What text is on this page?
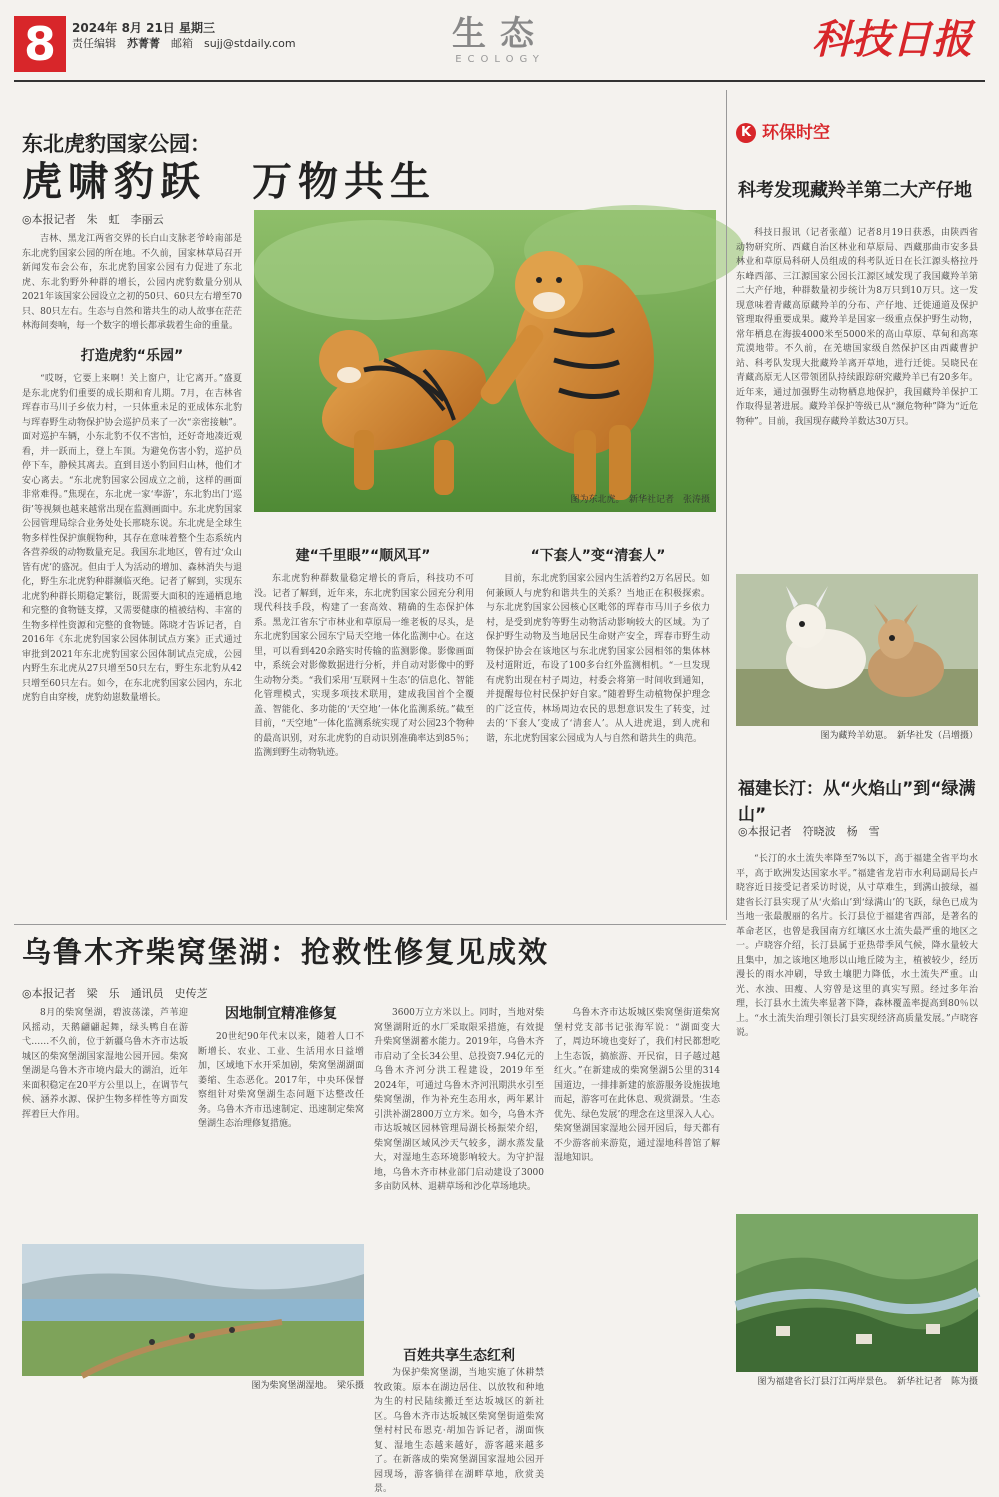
8	2024年 8月 21日 星期三
责任编辑　 苏菁菁　 邮箱　 sujj@stdaily.com	生态
ECOLOGY	科技日报
东北虎豹国家公园：
虎啸豹跃　万物共生
◎本报记者　朱　虹　李丽云
吉林、黑龙江两省交界的长白山支脉老爷岭南部是东北虎豹国家公园的所在地。不久前，国家林草局召开新闻发布会公布，东北虎豹国家公园有力促进了东北虎、东北豹野外种群的增长，公园内虎豹数量分别从2021年该国家公园设立之初的50只、60只左右增至70只、80只左右。生态与自然和谐共生的动人故事在茫茫林海间奏响，每一个数字的增长都承载着生命的重量。
打造虎豹“乐园”
“哎呀，它要上来啊！关上窗户，让它离开。”盛夏是东北虎豹们重要的成长期和育儿期。7月，在吉林省珲春市马川子乡依力村，一只体重未足的亚成体东北豹与珲春野生动物保护协会巡护员来了一次“亲密接触”。面对巡护车辆，小东北豹不仅不害怕，还好奇地凑近观看，并一跃而上，登上车顶。为避免伤害小豹，巡护员停下车，静候其离去。直到目送小豹回归山林，他们才安心离去。“东北虎豹国家公园成立之前，这样的画面非常难得。”焦现在，东北虎一家‘奉游’，东北豹出门‘巡街’等视频也越来越常出现在监测画面中。东北虎豹国家公园管理局综合业务处处长邢晓东说。东北虎是全球生物多样性保护旗舰物种，其存在意味着整个生态系统内各营养级的动物数量充足。我国东北地区，曾有过‘众山皆有虎’的盛况。但由于人为活动的增加、森林消失与退化，野生东北虎豹种群濒临灭绝。记者了解到，实现东北虎豹种群长期稳定繁衍，既需要大面积的连通栖息地和完整的食物链支撑，又需要健康的植被结构、丰富的生物多样性资源和完整的食物链。陈晓才告诉记者，自2016年《东北虎豹国家公园体制试点方案》正式通过审批到2021年东北虎豹国家公园体制试点完成，公园内野生东北虎从27只增至50只左右，野生东北豹从42只增至60只左右。如今，在东北虎豹国家公园内，东北虎豹自由穿梭，虎豹幼崽数量增长。
图为东北虎。　新华社记者　张涛摄
建“千里眼”“顺风耳”
东北虎豹种群数量稳定增长的背后，科技功不可没。记者了解到，近年来，东北虎豹国家公园充分利用现代科技手段，构建了一套高效、精确的生态保护体系。黑龙江省东宁市林业和草原局一维老板的尽头，是东北虎豹国家公园东宁局天空地一体化监测中心。在这里，可以看到420余路实时传输的监测影像。影像画面中，系统会对影像数据进行分析，并自动对影像中的野生动物分类。“我们采用‘互联网＋生态’的信息化、智能化管理模式，实现多项技术联用，建成我国首个全覆盖、智能化、多功能的‘天空地’一体化监测系统。”截至目前，“天空地”一体化监测系统实现了对公园23个物种的最高识别，对东北虎豹的自动识别准确率达到85％；监测到野生动物轨迹。
“下套人”变“清套人”
目前，东北虎豹国家公园内生活着约2万名居民。如何兼顾人与虎豹和谐共生的关系？当地正在积极探索。与东北虎豹国家公园核心区毗邻的珲春市马川子乡依力村，是受到虎豹等野生动物活动影响较大的区域。为了保护野生动物及当地居民生命财产安全，珲春市野生动物保护协会在该地区与东北虎豹国家公园相邻的集体林及村道附近，布设了100多台红外监测相机。“一旦发现有虎豹出现在村子周边，村委会将第一时间收到通知，并提醒每位村民保护好自家。”随着野生动植物保护理念的广泛宣传，林场周边农民的思想意识发生了转变，过去的‘下套人’变成了‘清套人’。从人进虎退，到人虎和谐，东北虎豹国家公园成为人与自然和谐共生的典范。
K 环保时空
科考发现藏羚羊第二大产仔地
科技日报讯（记者张蕴）记者8月19日获悉，由陕西省动物研究所、西藏自治区林业和草原局、西藏那曲市安多县林业和草原局科研人员组成的科考队近日在长江源头格拉丹东峰西部、三江源国家公园长江源区域发现了我国藏羚羊第二大产仔地，种群数量初步统计为8万只到10万只。这一发现意味着青藏高原藏羚羊的分布、产仔地、迁徙通道及保护管理取得重要成果。藏羚羊是国家一级重点保护野生动物，常年栖息在海拔4000米至5000米的高山草原、草甸和高寒荒漠地带。不久前，在羌塘国家级自然保护区由西藏曹护站、科考队发现大批藏羚羊离开草地，进行迁徙。吴晓民在青藏高原无人区带领团队持续跟踪研究藏羚羊已有20多年。近年来，通过加强野生动物栖息地保护，我国藏羚羊保护工作取得显著进展。藏羚羊保护等级已从“濒危物种”降为“近危物种”。目前，我国现存藏羚羊数达30万只。
图为藏羚羊幼崽。　新华社发（吕增摄）
福建长汀：从“火焰山”到“绿满山”
◎本报记者　符晓波　杨　雪
“长汀的水土流失率降至7%以下，高于福建全省平均水平，高于欧洲发达国家水平。”福建省龙岩市水利局副局长卢晓容近日接受记者采访时说，从寸草难生，到满山披绿，福建省长汀县实现了从‘火焰山’到‘绿满山’的飞跃，绿色已成为当地一张最靓丽的名片。长汀县位于福建省西部，是著名的革命老区，也曾是我国南方红壤区水土流失最严重的地区之一。卢晓容介绍，长汀县属于亚热带季风气候，降水量较大且集中，加之该地区地形以山地丘陵为主，植被较少，经历漫长的雨水冲刷，导致土壤肥力降低，水土流失严重。山光、水浊、田瘦、人穷曾是这里的真实写照。经过多年治理，长汀县水土流失率显著下降，森林覆盖率提高到80％以上。“水土流失治理引领长汀县实现经济高质量发展。”卢晓容说。
图为福建省长汀县汀江两岸景色。　新华社记者　陈为摄
乌鲁木齐柴窝堡湖：抢救性修复见成效
◎本报记者　梁　乐　通讯员　史传芝
8月的柴窝堡湖，碧波荡漾，芦苇迎风摇动，天鹅翩翩起舞，绿头鸭自在游弋……不久前，位于新疆乌鲁木齐市达坂城区的柴窝堡湖国家湿地公园开园。柴窝堡湖是乌鲁木齐市境内最大的湖泊，近年来面积稳定在20平方公里以上，在调节气候、涵养水源、保护生物多样性等方面发挥着巨大作用。
因地制宜精准修复
20世纪90年代末以来，随着人口不断增长、农业、工业、生活用水日益增加，区域地下水开采加剧，柴窝堡湖湖面萎缩、生态恶化。2017年，中央环保督察组针对柴窝堡湖生态问题下达整改任务。乌鲁木齐市迅速制定、迅速制定柴窝堡湖生态治理修复措施。
3600万立方米以上。同时，当地对柴窝堡湖附近的水厂采取限采措施，有效提升柴窝堡湖蓄水能力。2019年，乌鲁木齐市启动了全长34公里、总投资7.94亿元的乌鲁木齐河分洪工程建设，2019年至2024年，可通过乌鲁木齐河汛期洪水引至柴窝堡湖，作为补充生态用水，两年累计引洪补湖2800万立方米。如今，乌鲁木齐市达坂城区园林管理局湖长杨振荣介绍，柴窝堡湖区域风沙天气较多，湖水蒸发量大，对湿地生态环境影响较大。为守护湿地，乌鲁木齐市林业部门启动建设了3000多亩防风林、退耕草场和沙化草场地块。
百姓共享生态红利
为保护柴窝堡湖，当地实施了休耕禁牧政策。原本在湖边居住、以放牧和种地为生的村民陆续搬迁至达坂城区的新社区。乌鲁木齐市达坂城区柴窝堡街道柴窝堡村村民布恩克·胡加告诉记者，湖面恢复、湿地生态越来越好，游客越来越多了。在新落成的柴窝堡湖国家湿地公园开园现场，游客徜徉在湖畔草地，欣赏美景。
乌鲁木齐市达坂城区柴窝堡街道柴窝堡村党支部书记张海军说：“湖面变大了，周边环境也变好了，我们村民都想吃上生态饭，搞旅游、开民宿，日子越过越红火。”在新建成的柴窝堡湖5公里的314国道边，一排排新建的旅游服务设施拔地而起，游客可在此休息、观赏湖景。‘生态优先、绿色发展’的理念在这里深入人心。柴窝堡湖国家湿地公园开园后，每天都有不少游客前来游览，通过湿地科普馆了解湿地知识。
图为柴窝堡湖湿地。　梁乐摄
